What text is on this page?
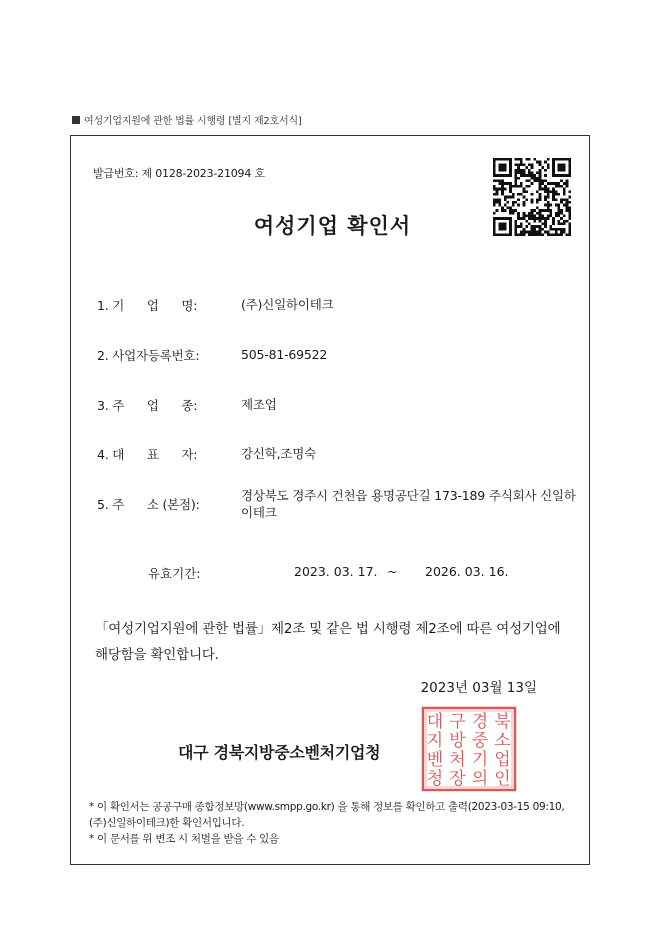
여성기업지원에 관한 법률 시행령 [별지 제2호서식]
발급번호: 제 0128-2023-21094 호
여성기업 확인서
1. 기      업      명:	(주)신일하이테크
2. 사업자등록번호:	505-81-69522
3. 주      업      종:	제조업
4. 대      표      자:	강신학,조명숙
5. 주      소 (본점):
경상북도 경주시 건천읍 용명공단길 173-189 주식회사 신일하이테크
유효기간:	2023. 03. 17. ~ 2026. 03. 16.
「여성기업지원에 관한 법률」제2조 및 같은 법 시행령 제2조에 따른 여성기업에 해당함을 확인합니다.
2023년 03월 13일
대구 경북지방중소벤처기업청
대 구 경 북
지 방 중 소
벤 처 기 업
청 장 의 인
* 이 확인서는 공공구매 종합정보망(www.smpp.go.kr) 을 통해 정보를 확인하고 출력(2023-03-15 09:10, (주)신일하이테크)한 확인서입니다.
* 이 문서를 위 변조 시 처벌을 받을 수 있음
